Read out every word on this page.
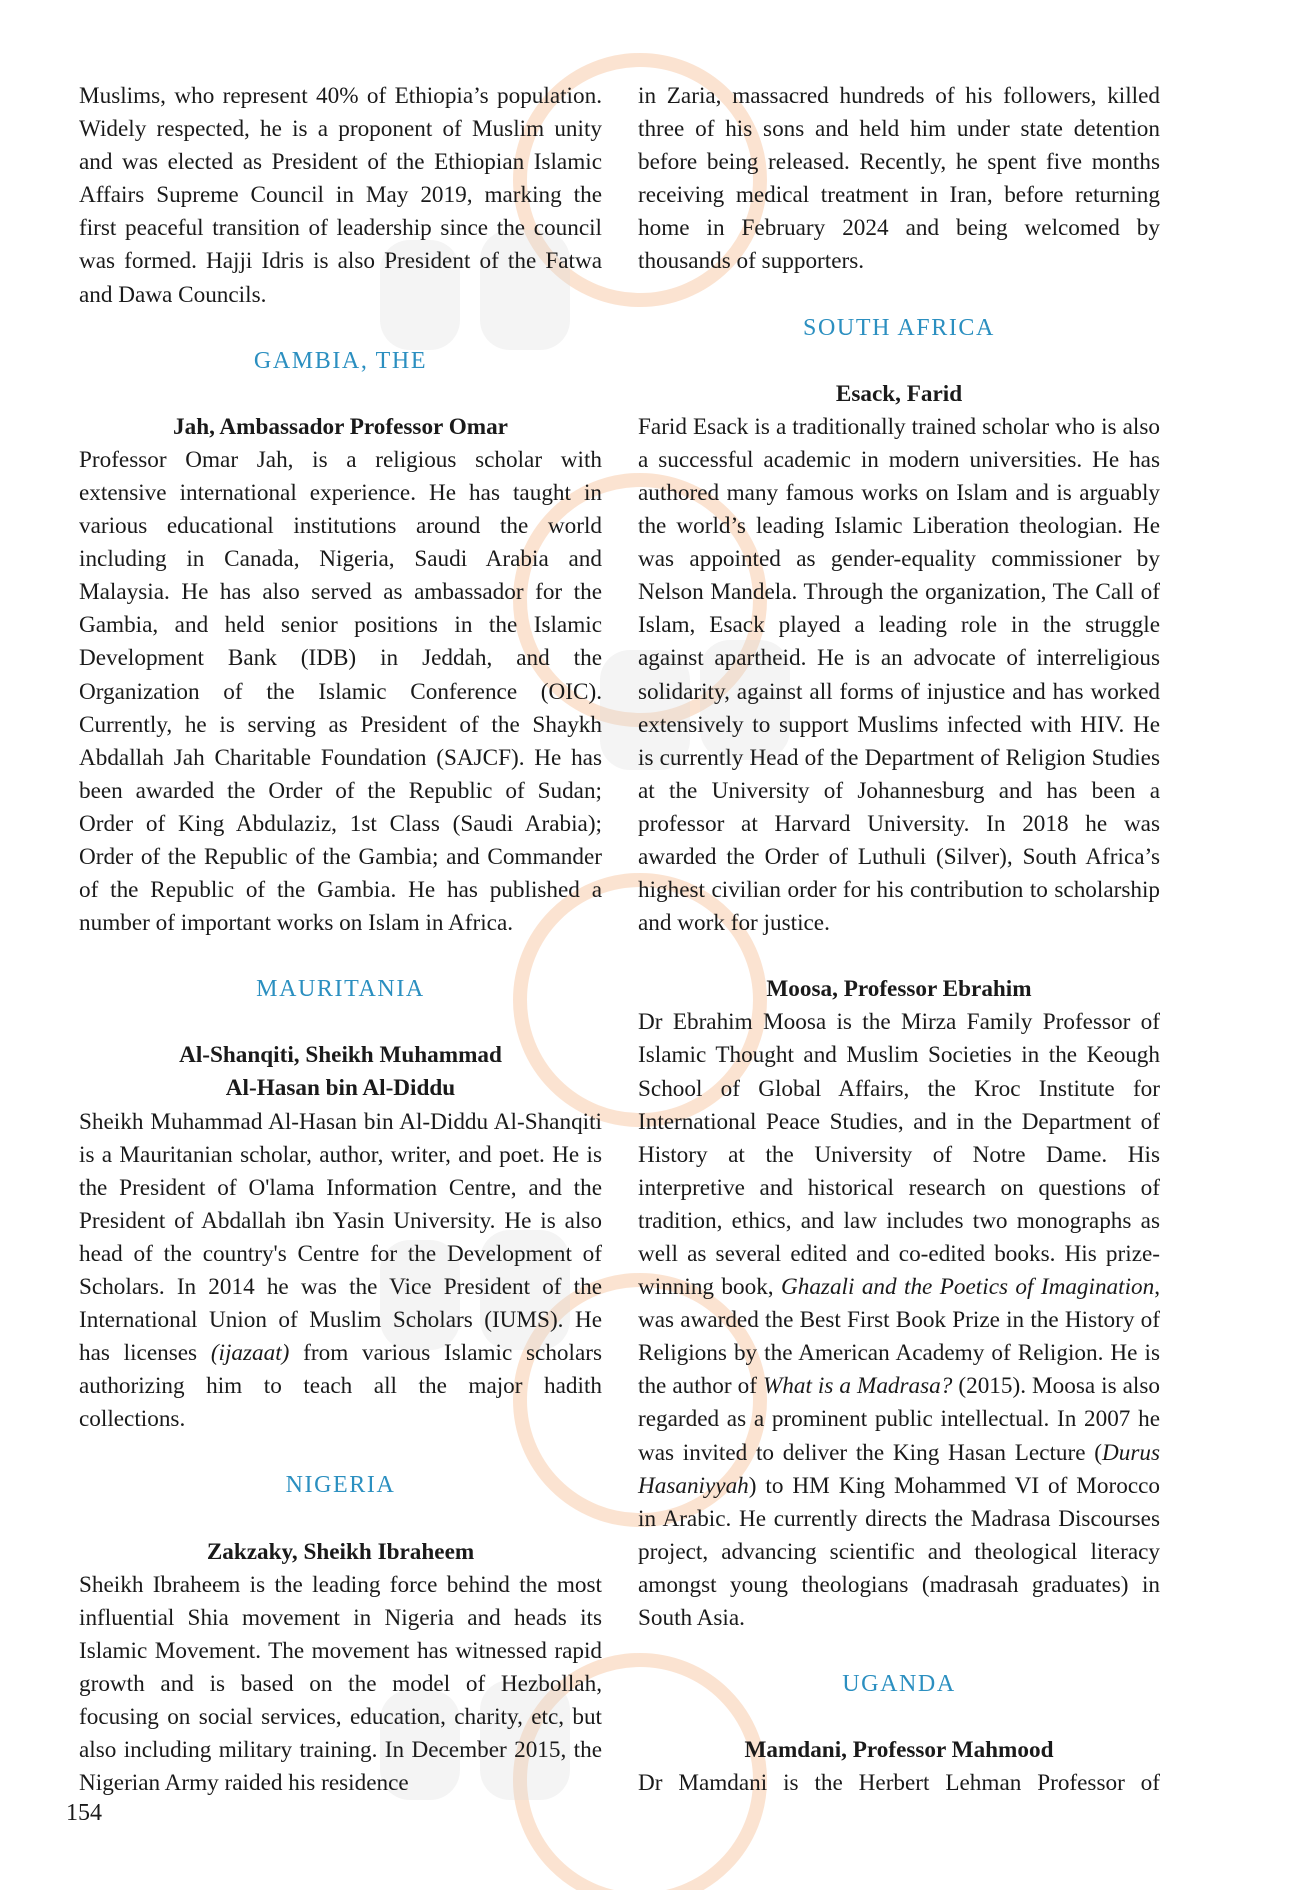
Muslims, who represent 40% of Ethiopia’s population. Widely respected, he is a proponent of Muslim unity and was elected as President of the Ethiopian Islamic Affairs Supreme Council in May 2019, marking the first peaceful transition of leadership since the council was formed. Hajji Idris is also President of the Fatwa and Dawa Councils.

GAMBIA, THE

Jah, Ambassador Professor Omar

Professor Omar Jah, is a religious scholar with extensive international experience. He has taught in various educational institutions around the world including in Canada, Nigeria, Saudi Arabia and Malaysia. He has also served as ambassador for the Gambia, and held senior positions in the Islamic Development Bank (IDB) in Jeddah, and the Organization of the Islamic Conference (OIC). Currently, he is serving as President of the Shaykh Abdallah Jah Charitable Foundation (SAJCF). He has been awarded the Order of the Republic of Sudan; Order of King Abdulaziz, 1st Class (Saudi Arabia); Order of the Republic of the Gambia; and Commander of the Republic of the Gambia. He has published a number of important works on Islam in Africa.

MAURITANIA

Al-Shanqiti, Sheikh Muhammad

Al-Hasan bin Al-Diddu

Sheikh Muhammad Al-Hasan bin Al-Diddu Al-Shanqiti is a Mauritanian scholar, author, writer, and poet. He is the President of O'lama Information Centre, and the President of Abdallah ibn Yasin University. He is also head of the country's Centre for the Development of Scholars. In 2014 he was the Vice President of the International Union of Muslim Scholars (IUMS). He has licenses (ijazaat) from various Islamic scholars authorizing him to teach all the major hadith collections.

NIGERIA

Zakzaky, Sheikh Ibraheem

Sheikh Ibraheem is the leading force behind the most influential Shia movement in Nigeria and heads its Islamic Movement. The movement has witnessed rapid growth and is based on the model of Hezbollah, focusing on social services, education, charity, etc, but also including military training. In December 2015, the Nigerian Army raided his residence

in Zaria, massacred hundreds of his followers, killed three of his sons and held him under state detention before being released. Recently, he spent five months receiving medical treatment in Iran, before returning home in February 2024 and being welcomed by thousands of supporters.

SOUTH AFRICA

Esack, Farid

Farid Esack is a traditionally trained scholar who is also a successful academic in modern universities. He has authored many famous works on Islam and is arguably the world’s leading Islamic Liberation theologian. He was appointed as gender-equality commissioner by Nelson Mandela. Through the organization, The Call of Islam, Esack played a leading role in the struggle against apartheid. He is an advocate of interreligious solidarity, against all forms of injustice and has worked extensively to support Muslims infected with HIV. He is currently Head of the Department of Religion Studies at the University of Johannesburg and has been a professor at Harvard University. In 2018 he was awarded the Order of Luthuli (Silver), South Africa’s highest civilian order for his contribution to scholarship and work for justice.

Moosa, Professor Ebrahim

Dr Ebrahim Moosa is the Mirza Family Professor of Islamic Thought and Muslim Societies in the Keough School of Global Affairs, the Kroc Institute for International Peace Studies, and in the Department of History at the University of Notre Dame. His interpretive and historical research on questions of tradition, ethics, and law includes two monographs as well as several edited and co-edited books. His prize-winning book, Ghazali and the Poetics of Imagination, was awarded the Best First Book Prize in the History of Religions by the American Academy of Religion. He is the author of What is a Madrasa? (2015). Moosa is also regarded as a prominent public intellectual. In 2007 he was invited to deliver the King Hasan Lecture (Durus Hasaniyyah) to HM King Mohammed VI of Morocco in Arabic. He currently directs the Madrasa Discourses project, advancing scientific and theological literacy amongst young theologians (madrasah graduates) in South Asia.

UGANDA

Mamdani, Professor Mahmood

Dr Mamdani is the Herbert Lehman Professor of

154
